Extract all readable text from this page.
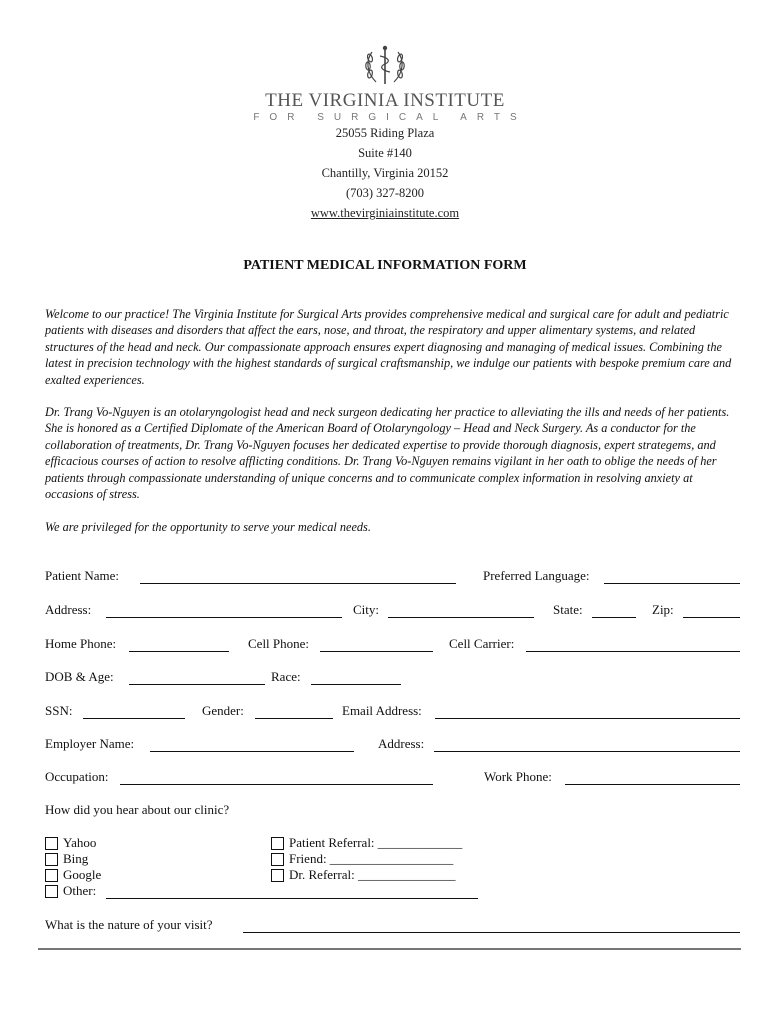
THE VIRGINIA INSTITUTE
FOR SURGICAL ARTS
25055 Riding Plaza
Suite #140
Chantilly, Virginia 20152
(703) 327-8200
www.thevirginiainstitute.com
PATIENT MEDICAL INFORMATION FORM
Welcome to our practice! The Virginia Institute for Surgical Arts provides comprehensive medical and surgical care for adult and pediatric patients with diseases and disorders that affect the ears, nose, and throat, the respiratory and upper alimentary systems, and related structures of the head and neck. Our compassionate approach ensures expert diagnosing and managing of medical issues. Combining the latest in precision technology with the highest standards of surgical craftsmanship, we indulge our patients with bespoke premium care and exalted experiences.
Dr. Trang Vo-Nguyen is an otolaryngologist head and neck surgeon dedicating her practice to alleviating the ills and needs of her patients. She is honored as a Certified Diplomate of the American Board of Otolaryngology – Head and Neck Surgery. As a conductor for the collaboration of treatments, Dr. Trang Vo-Nguyen focuses her dedicated expertise to provide thorough diagnosis, expert strategems, and efficacious courses of action to resolve afflicting conditions. Dr. Trang Vo-Nguyen remains vigilant in her oath to oblige the needs of her patients through compassionate understanding of unique concerns and to communicate complex information in resolving anxiety at occasions of stress.
We are privileged for the opportunity to serve your medical needs.
Patient Name:	Preferred Language:
Address:	City:	State:	Zip:
Home Phone:	Cell Phone:	Cell Carrier:
DOB & Age:	Race:
SSN:	Gender:	Email Address:
Employer Name:	Address:
Occupation:	Work Phone:
How did you hear about our clinic?
Yahoo
Bing
Google
Other:
Patient Referral: _____________
Friend: ___________________
Dr. Referral: _______________
What is the nature of your visit?
